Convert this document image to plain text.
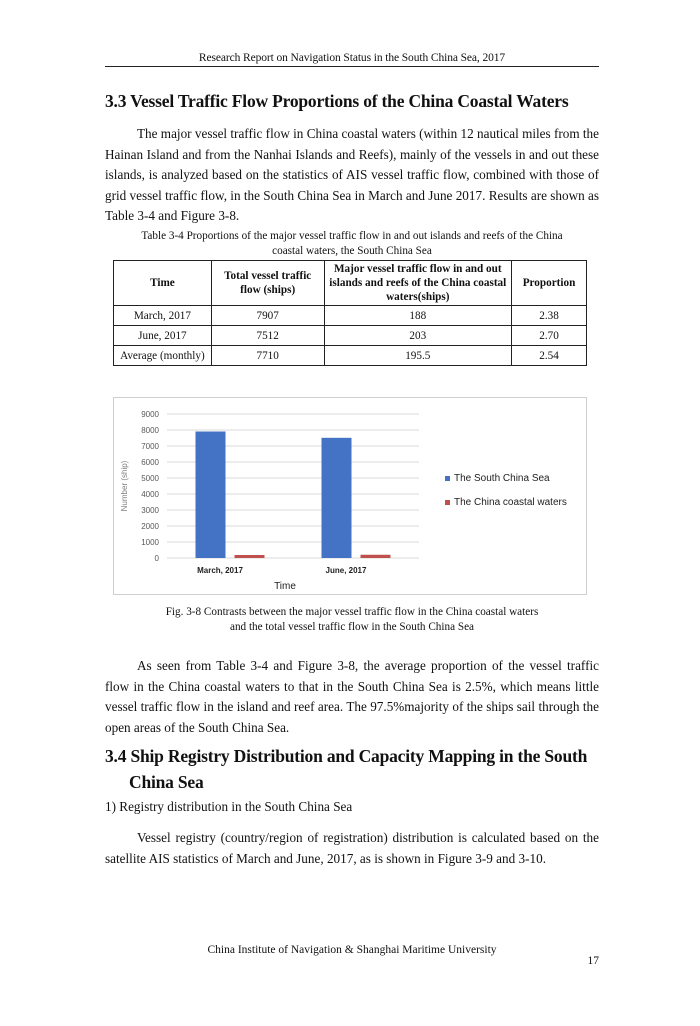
Research Report on Navigation Status in the South China Sea, 2017
3.3 Vessel Traffic Flow Proportions of the China Coastal Waters
The major vessel traffic flow in China coastal waters (within 12 nautical miles from the Hainan Island and from the Nanhai Islands and Reefs), mainly of the vessels in and out these islands, is analyzed based on the statistics of AIS vessel traffic flow, combined with those of grid vessel traffic flow, in the South China Sea in March and June 2017. Results are shown as Table 3-4 and Figure 3-8.
Table 3-4 Proportions of the major vessel traffic flow in and out islands and reefs of the China
coastal waters, the South China Sea
Time	Total vessel traffic flow (ships)	Major vessel traffic flow in and out islands and reefs of the China coastal waters(ships)	Proportion
March, 2017	7907	188	2.38
June, 2017	7512	203	2.70
Average (monthly)	7710	195.5	2.54
0
1000
2000
3000
4000
5000
6000
7000
8000
9000
March, 2017	June, 2017
Time
Number (ship)	The South China Sea
The China coastal waters
Fig. 3-8 Contrasts between the major vessel traffic flow in the China coastal waters
and the total vessel traffic flow in the South China Sea
As seen from Table 3-4 and Figure 3-8, the average proportion of the vessel traffic flow in the China coastal waters to that in the South China Sea is 2.5%, which means little vessel traffic flow in the island and reef area. The 97.5%majority of the ships sail through the open areas of the South China Sea.
3.4 Ship Registry Distribution and Capacity Mapping in the South
China Sea
1) Registry distribution in the South China Sea
Vessel registry (country/region of registration) distribution is calculated based on the satellite AIS statistics of March and June, 2017, as is shown in Figure 3-9 and 3-10.
China Institute of Navigation & Shanghai Maritime University
17
